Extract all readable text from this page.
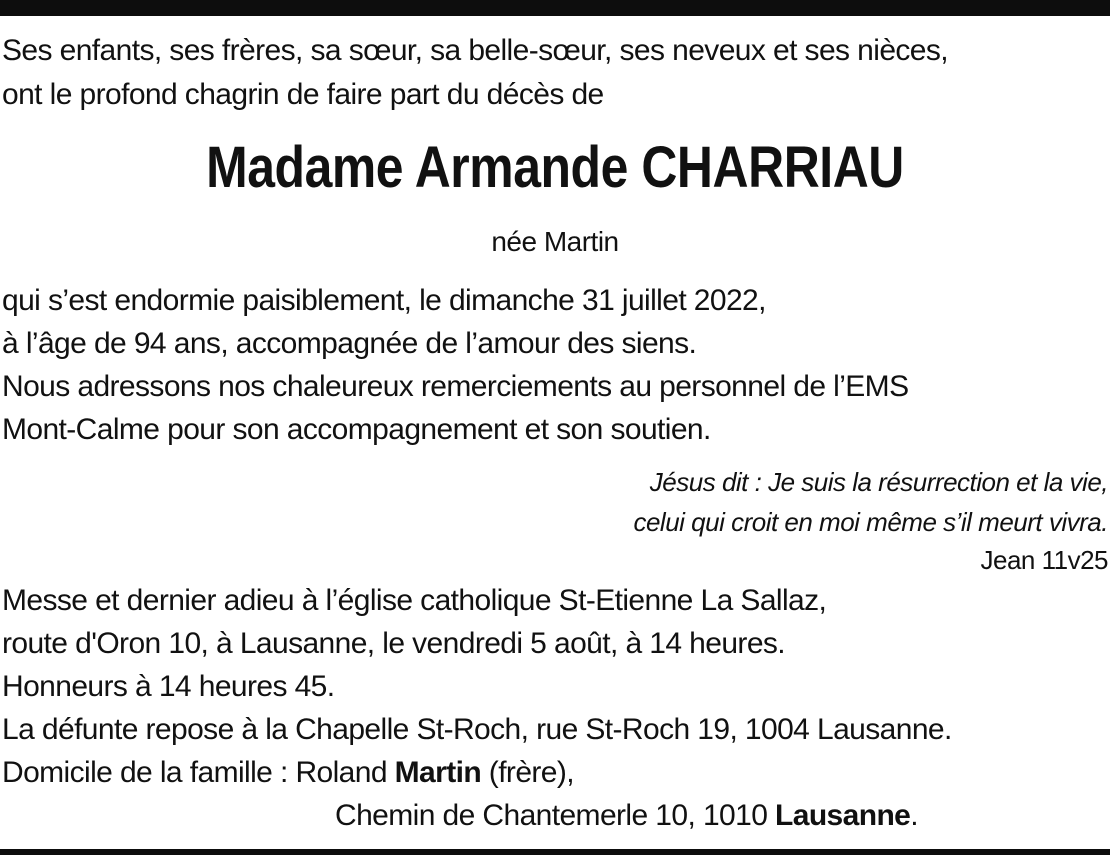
Ses enfants, ses frères, sa sœur, sa belle-sœur, ses neveux et ses nièces,

ont le profond chagrin de faire part du décès de

Madame Armande CHARRIAU

née Martin

qui s’est endormie paisiblement, le dimanche 31 juillet 2022,

à l’âge de 94 ans, accompagnée de l’amour des siens.

Nous adressons nos chaleureux remerciements au personnel de l’EMS

Mont-Calme pour son accompagnement et son soutien.

Jésus dit : Je suis la résurrection et la vie,

celui qui croit en moi même s’il meurt vivra.

Jean 11v25

Messe et dernier adieu à l’église catholique St-Etienne La Sallaz,

route d'Oron 10, à Lausanne, le vendredi 5 août, à 14 heures.

Honneurs à 14 heures 45.

La défunte repose à la Chapelle St-Roch, rue St-Roch 19, 1004 Lausanne.

Domicile de la famille : Roland Martin (frère),

Chemin de Chantemerle 10, 1010 Lausanne.
